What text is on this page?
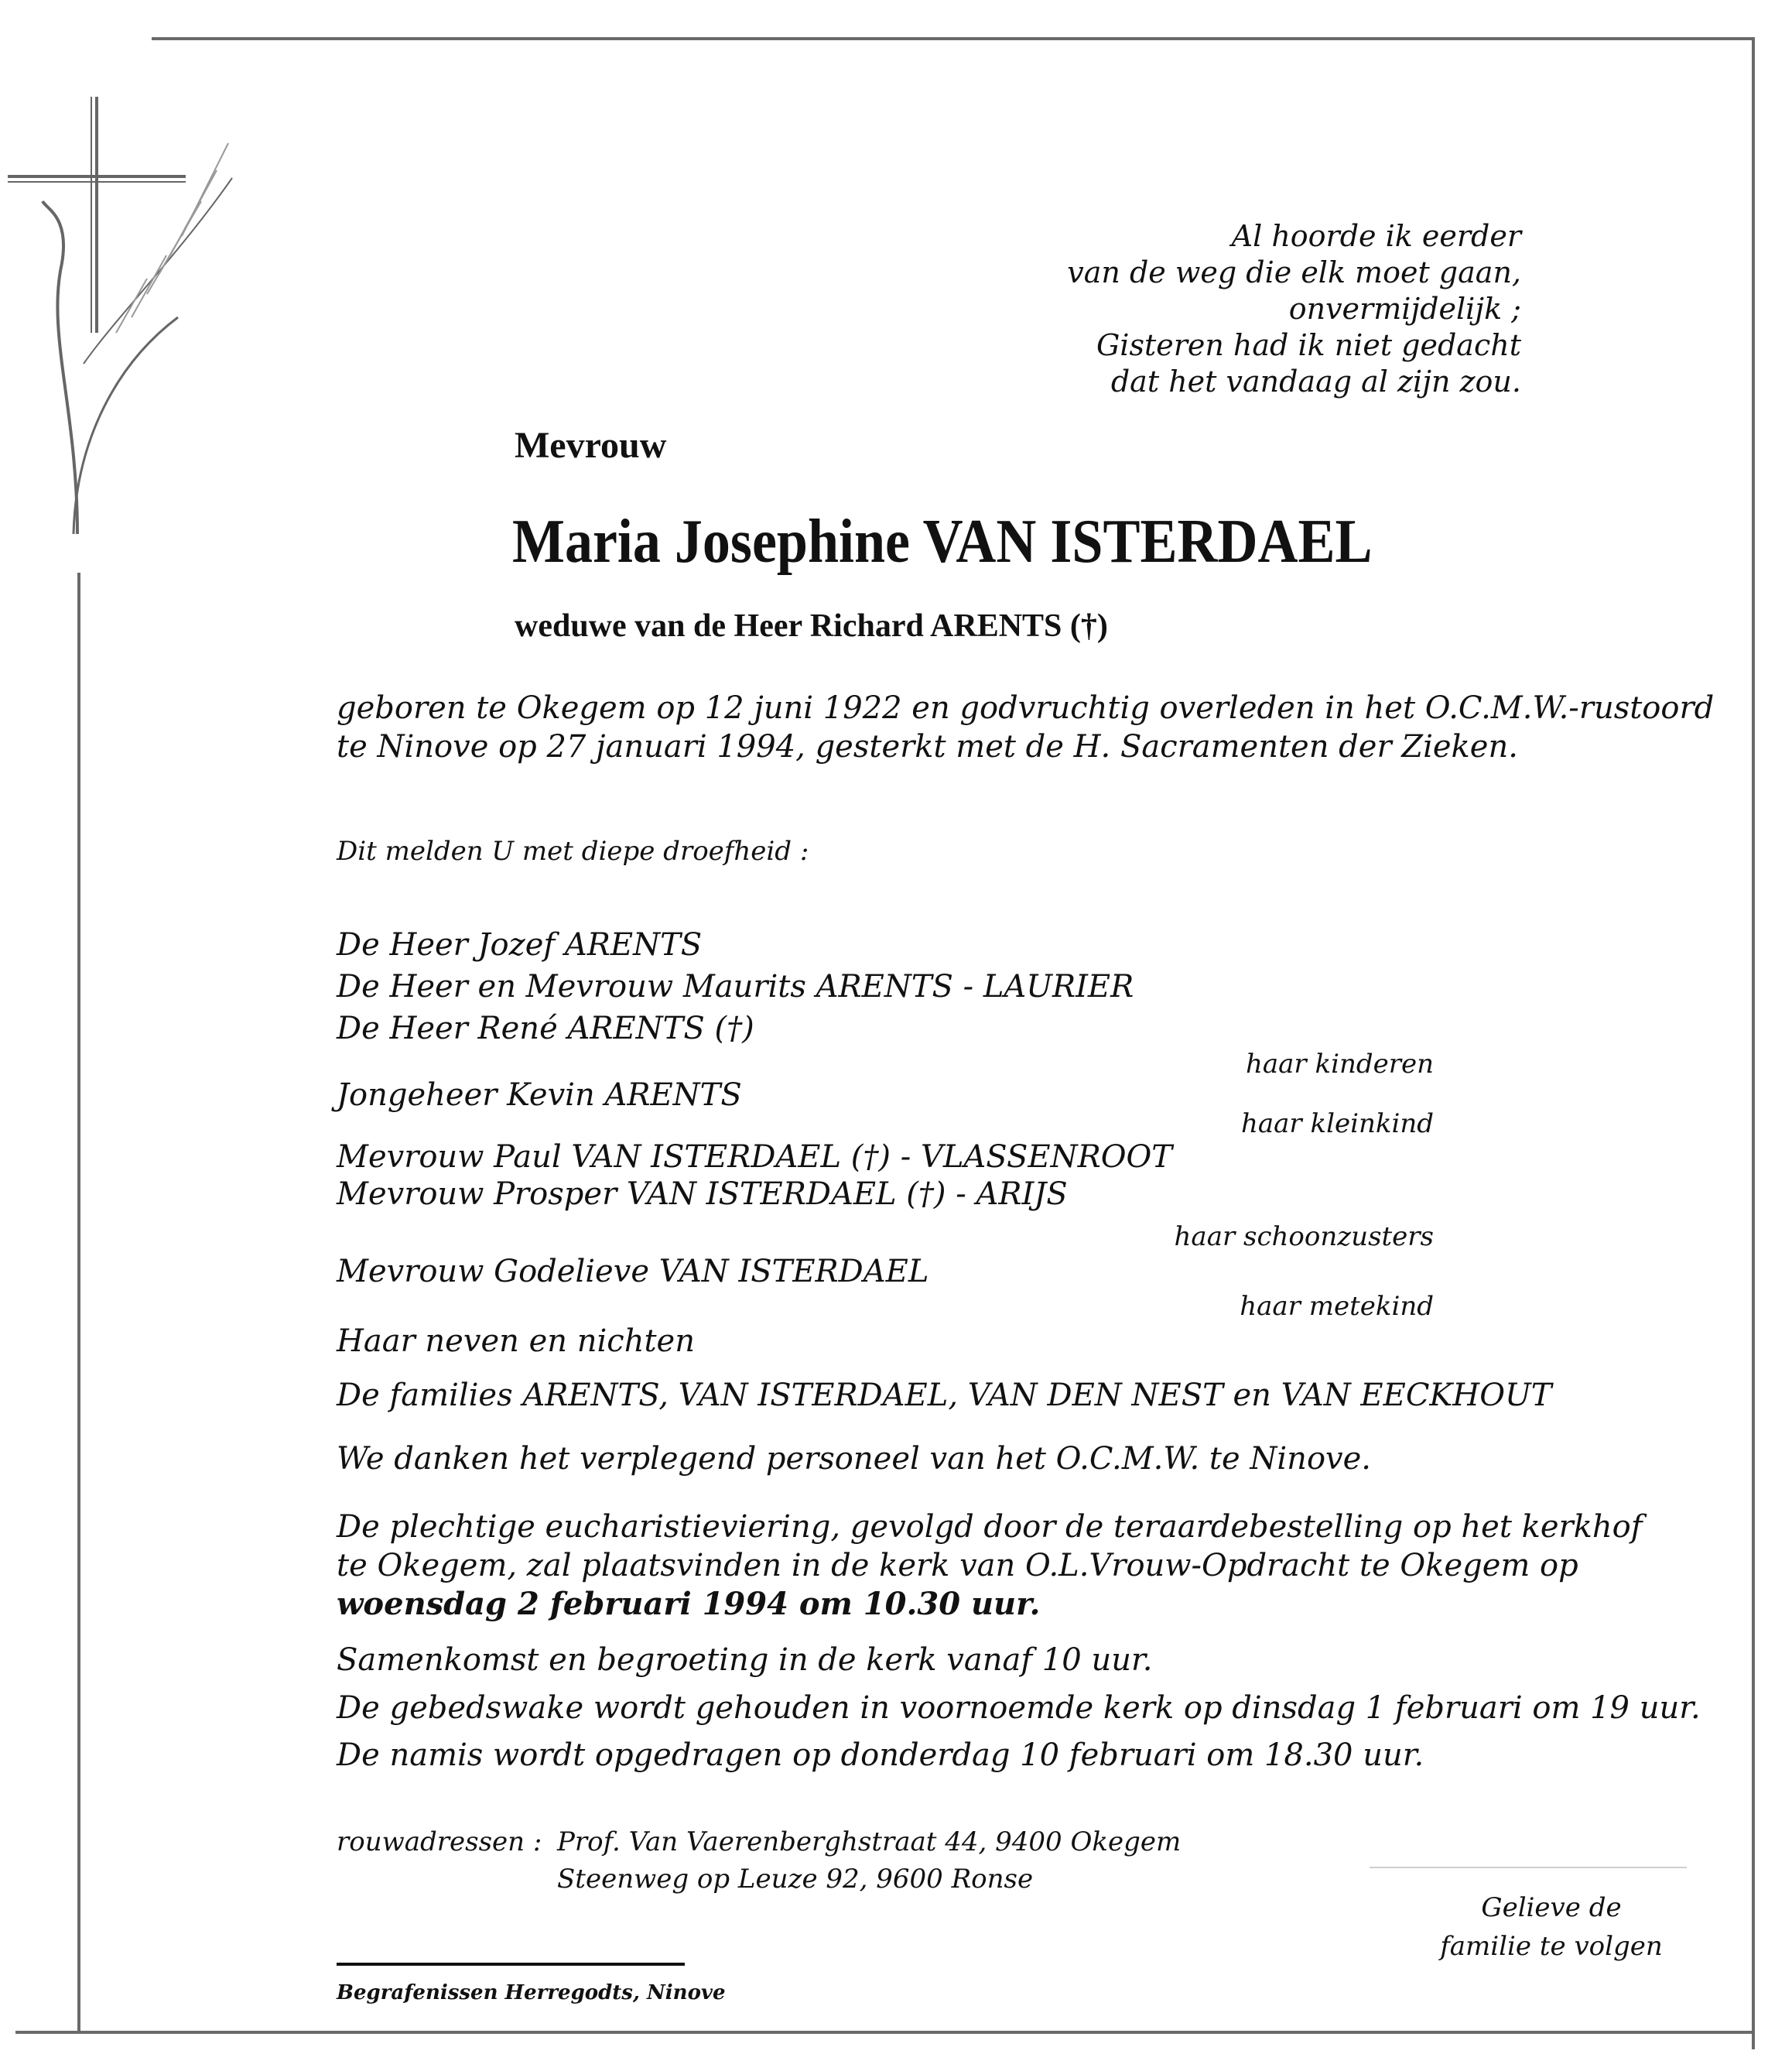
Al hoorde ik eerder
van de weg die elk moet gaan,
onvermijdelijk ;
Gisteren had ik niet gedacht
dat het vandaag al zijn zou.
Mevrouw
Maria Josephine VAN ISTERDAEL
weduwe van de Heer Richard ARENTS (†)
geboren te Okegem op 12 juni 1922 en godvruchtig overleden in het O.C.M.W.-rustoord
te Ninove op 27 januari 1994, gesterkt met de H. Sacramenten der Zieken.
Dit melden U met diepe droefheid :
De Heer Jozef ARENTS
De Heer en Mevrouw Maurits ARENTS - LAURIER
De Heer René ARENTS (†)
haar kinderen
Jongeheer Kevin ARENTS
haar kleinkind
Mevrouw Paul VAN ISTERDAEL (†) - VLASSENROOT
Mevrouw Prosper VAN ISTERDAEL (†) - ARIJS
haar schoonzusters
Mevrouw Godelieve VAN ISTERDAEL
haar metekind
Haar neven en nichten
De families ARENTS, VAN ISTERDAEL, VAN DEN NEST en VAN EECKHOUT
We danken het verplegend personeel van het O.C.M.W. te Ninove.
De plechtige eucharistieviering, gevolgd door de teraardebestelling op het kerkhof
te Okegem, zal plaatsvinden in de kerk van O.L.Vrouw-Opdracht te Okegem op
woensdag 2 februari 1994 om 10.30 uur.
Samenkomst en begroeting in de kerk vanaf 10 uur.
De gebedswake wordt gehouden in voornoemde kerk op dinsdag 1 februari om 19 uur.
De namis wordt opgedragen op donderdag 10 februari om 18.30 uur.
rouwadressen : Prof. Van Vaerenberghstraat 44, 9400 Okegem
Steenweg op Leuze 92, 9600 Ronse
Gelieve de familie te volgen
Begrafenissen Herregodts, Ninove
